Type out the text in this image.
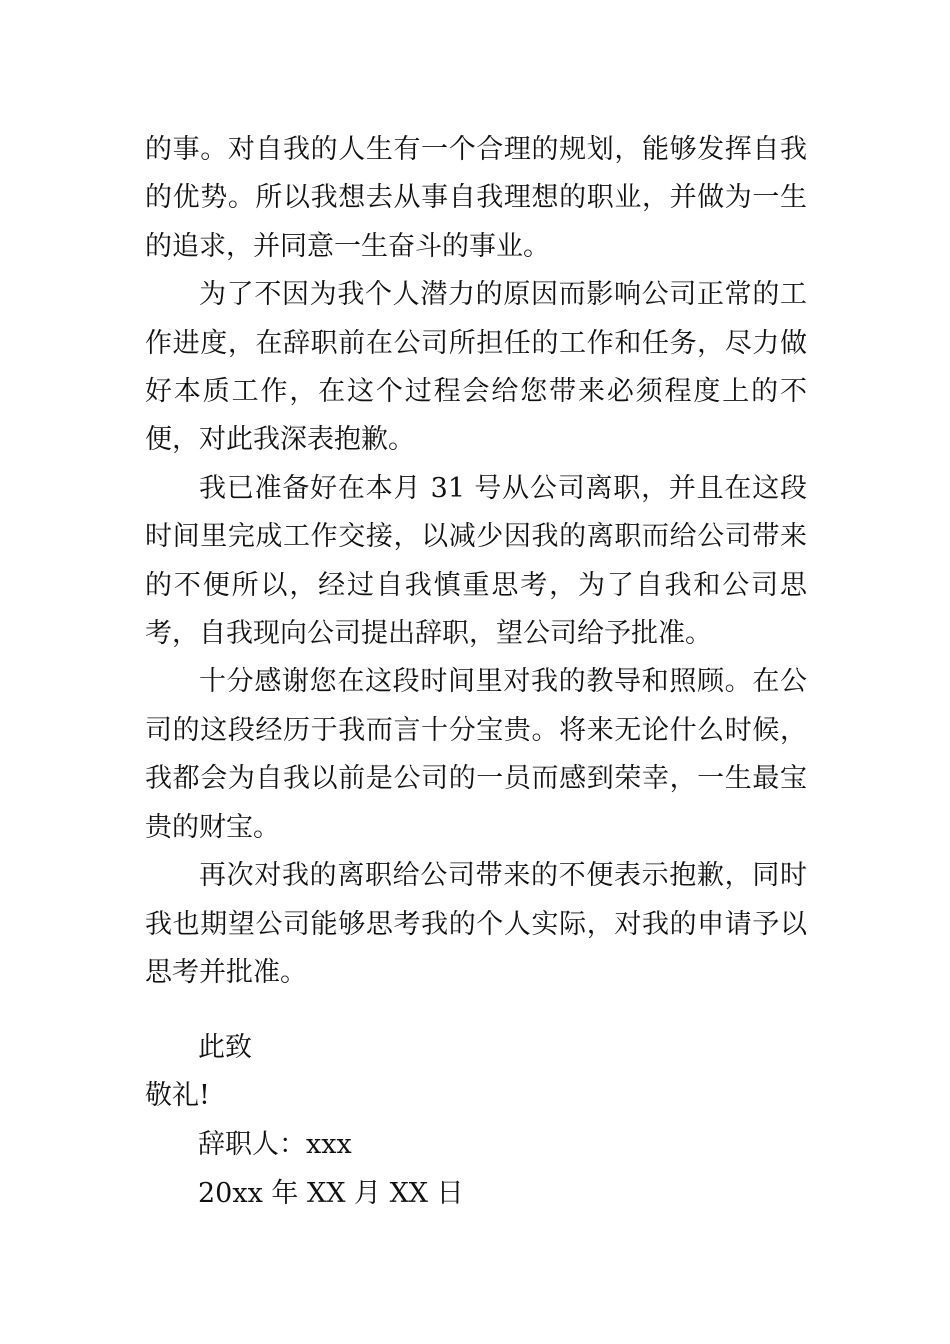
的事。对自我的人生有一个合理的规划，能够发挥自我的优势。所以我想去从事自我理想的职业，并做为一生的追求，并同意一生奋斗的事业。
为了不因为我个人潜力的原因而影响公司正常的工作进度，在辞职前在公司所担任的工作和任务，尽力做好本质工作，在这个过程会给您带来必须程度上的不便，对此我深表抱歉。
我已准备好在本月 31 号从公司离职，并且在这段时间里完成工作交接，以减少因我的离职而给公司带来的不便所以，经过自我慎重思考，为了自我和公司思考，自我现向公司提出辞职，望公司给予批准。
十分感谢您在这段时间里对我的教导和照顾。在公司的这段经历于我而言十分宝贵。将来无论什么时候，我都会为自我以前是公司的一员而感到荣幸，一生最宝贵的财宝。
再次对我的离职给公司带来的不便表示抱歉，同时我也期望公司能够思考我的个人实际，对我的申请予以思考并批准。
此致
敬礼!
辞职人：xxx
20xx 年 XX 月 XX 日
